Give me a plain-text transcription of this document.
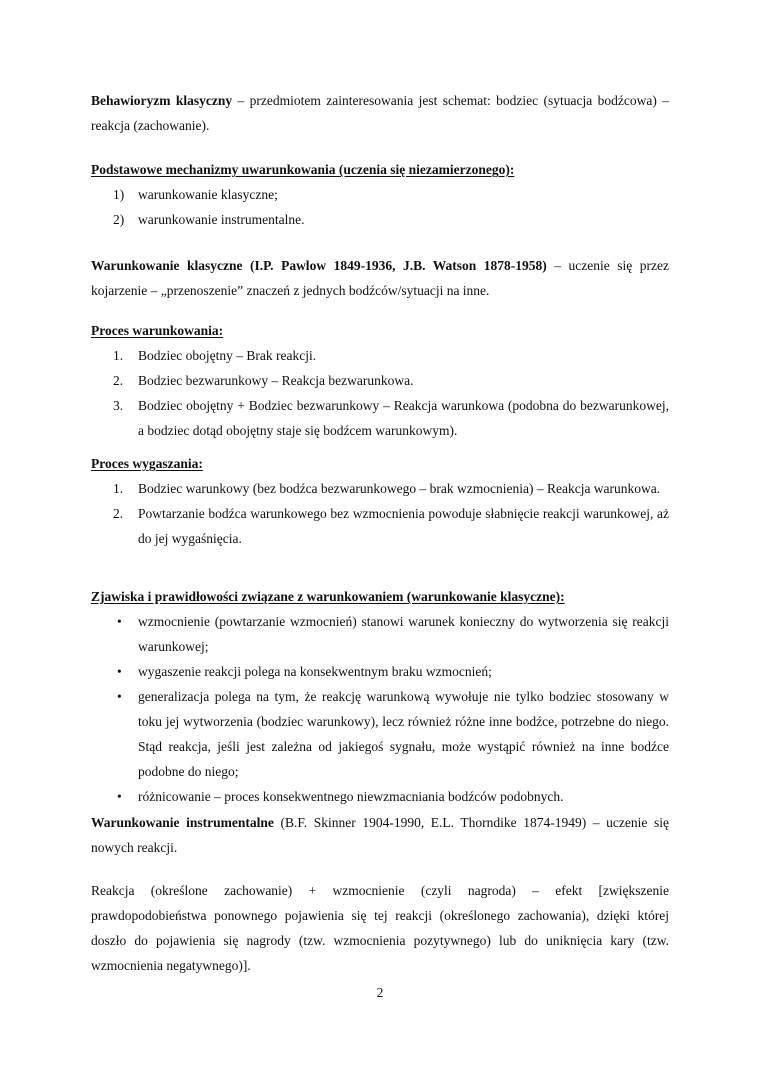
Behawioryzm klasyczny – przedmiotem zainteresowania jest schemat: bodziec (sytuacja bodźcowa) – reakcja (zachowanie).

Podstawowe mechanizmy uwarunkowania (uczenia się niezamierzonego):
1)	warunkowanie klasyczne;
2)	warunkowanie instrumentalne.

Warunkowanie klasyczne (I.P. Pawlow 1849-1936, J.B. Watson 1878-1958) – uczenie się przez kojarzenie – „przenoszenie” znaczeń z jednych bodźców/sytuacji na inne.

Proces warunkowania:
1.	Bodziec obojętny – Brak reakcji.
2.	Bodziec bezwarunkowy – Reakcja bezwarunkowa.
3.	Bodziec obojętny + Bodziec bezwarunkowy – Reakcja warunkowa (podobna do bezwarunkowej, a bodziec dotąd obojętny staje się bodźcem warunkowym).
Proces wygaszania:
1.	Bodziec warunkowy (bez bodźca bezwarunkowego – brak wzmocnienia) – Reakcja warunkowa.
2.	Powtarzanie bodźca warunkowego bez wzmocnienia powoduje słabnięcie reakcji warunkowej, aż do jej wygaśnięcia.
Zjawiska i prawidłowości związane z warunkowaniem (warunkowanie klasyczne):
•	wzmocnienie (powtarzanie wzmocnień) stanowi warunek konieczny do wytworzenia się reakcji warunkowej;
•	wygaszenie reakcji polega na konsekwentnym braku wzmocnień;
•	generalizacja polega na tym, że reakcję warunkową wywołuje nie tylko bodziec stosowany w toku jej wytworzenia (bodziec warunkowy), lecz również różne inne bodźce, potrzebne do niego. Stąd reakcja, jeśli jest zależna od jakiegoś sygnału, może wystąpić również na inne bodźce podobne do niego;
•	różnicowanie – proces konsekwentnego niewzmacniania bodźców podobnych.

Warunkowanie instrumentalne (B.F. Skinner 1904-1990, E.L. Thorndike 1874-1949) – uczenie się nowych reakcji.

Reakcja (określone zachowanie) + wzmocnienie (czyli nagroda) – efekt [zwiększenie prawdopodobieństwa ponownego pojawienia się tej reakcji (określonego zachowania), dzięki której doszło do pojawienia się nagrody (tzw. wzmocnienia pozytywnego) lub do uniknięcia kary (tzw. wzmocnienia negatywnego)].

2
